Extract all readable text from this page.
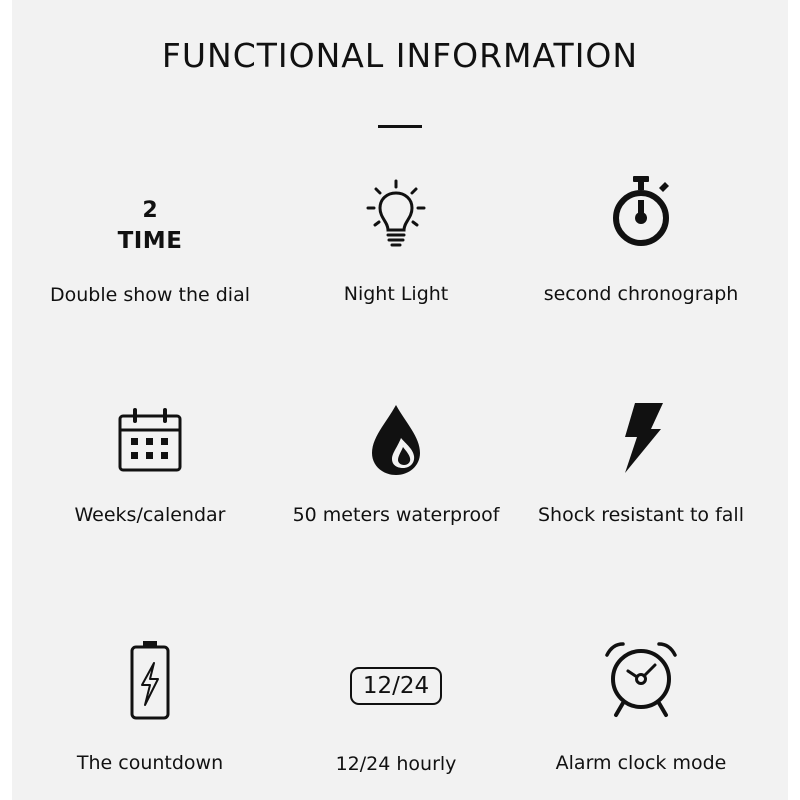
FUNCTIONAL INFORMATION
2
TIME
Double show the dial	Night Light	second chronograph
Weeks/calendar	50 meters waterproof	Shock resistant to fall
The countdown
12/24
12/24 hourly	Alarm clock mode
